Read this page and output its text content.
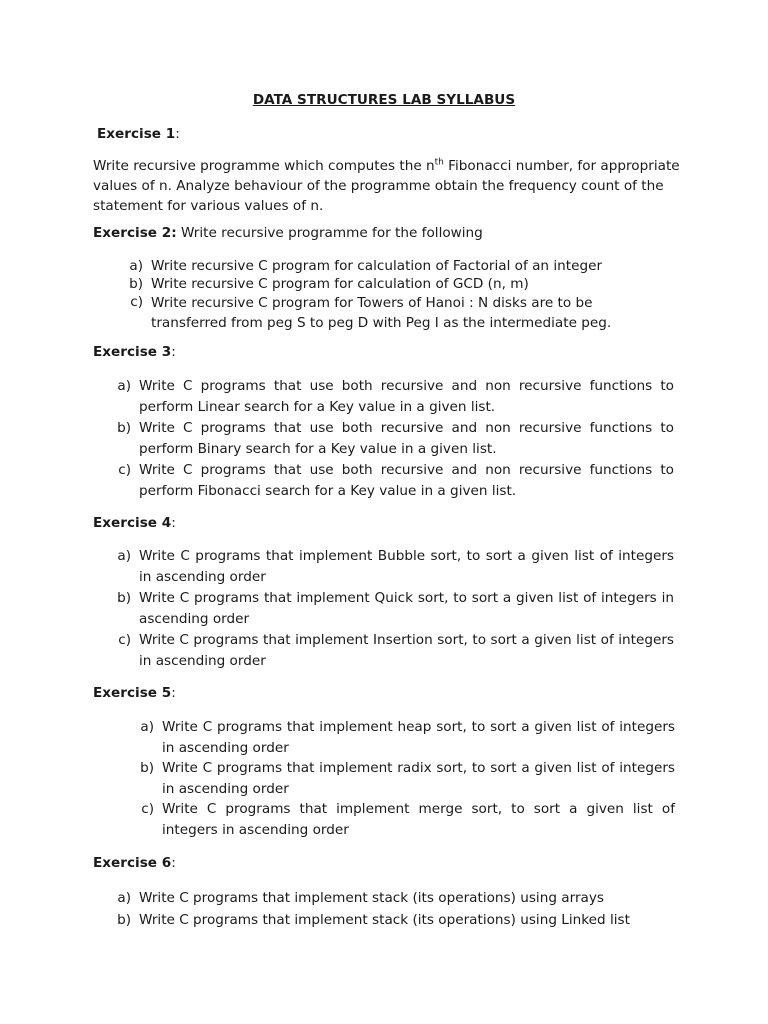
DATA STRUCTURES LAB SYLLABUS
Exercise 1:
Write recursive programme which computes the $n^{th}$ Fibonacci number, for appropriate values of n. Analyze behaviour of the programme obtain the frequency count of the statement for various values of n.
Exercise 2: Write recursive programme for the following
a) Write recursive C program for calculation of Factorial of an integer
b) Write recursive C program for calculation of GCD (n, m)
c) Write recursive C program for Towers of Hanoi : N disks are to be transferred from peg S to peg D with Peg I as the intermediate peg.
Exercise 3:
a) Write C programs that use both recursive and non recursive functions to perform Linear search for a Key value in a given list.
b) Write C programs that use both recursive and non recursive functions to perform Binary search for a Key value in a given list.
c) Write C programs that use both recursive and non recursive functions to perform Fibonacci search for a Key value in a given list.
Exercise 4:
a) Write C programs that implement Bubble sort, to sort a given list of integers in ascending order
b) Write C programs that implement Quick sort, to sort a given list of integers in ascending order
c) Write C programs that implement Insertion sort, to sort a given list of integers in ascending order
Exercise 5:
a) Write C programs that implement heap sort, to sort a given list of integers in ascending order
b) Write C programs that implement radix sort, to sort a given list of integers in ascending order
c) Write C programs that implement merge sort, to sort a given list of integers in ascending order
Exercise 6:
a) Write C programs that implement stack (its operations) using arrays
b) Write C programs that implement stack (its operations) using Linked list
